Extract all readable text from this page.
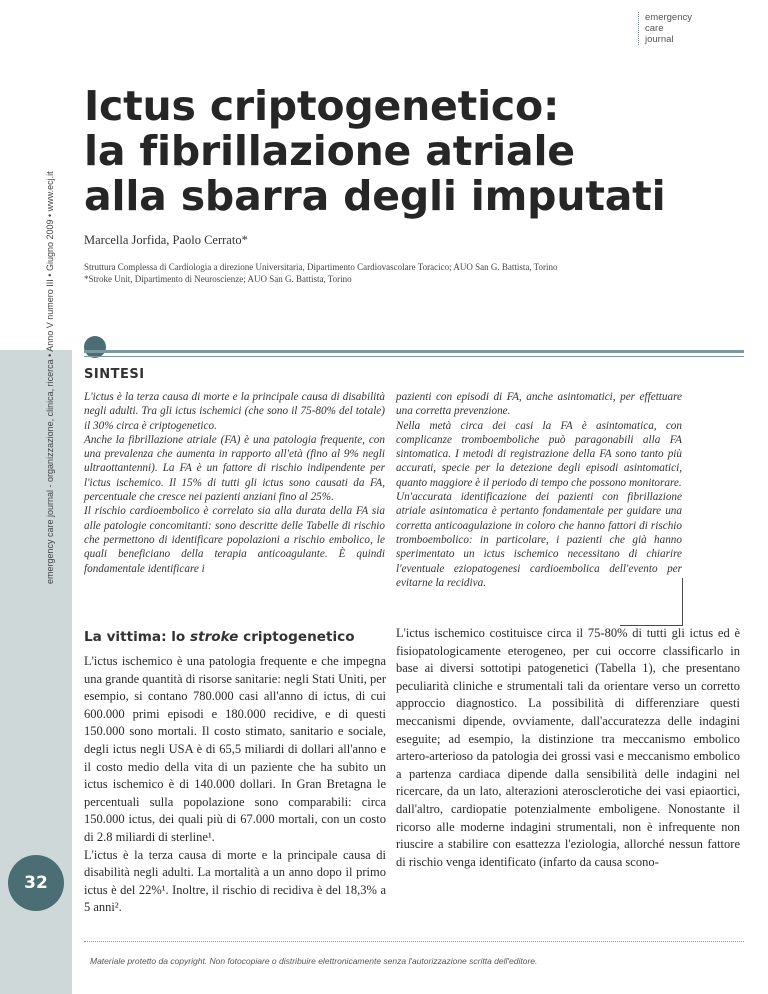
emergency
care
journal
Ictus criptogenetico:
la fibrillazione atriale
alla sbarra degli imputati
Marcella Jorfida, Paolo Cerrato*
Struttura Complessa di Cardiologia a direzione Universitaria, Dipartimento Cardiovascolare Toracico; AUO San G. Battista, Torino
*Stroke Unit, Dipartimento di Neuroscienze; AUO San G. Battista, Torino
emergency care journal - organizzazione, clinica, ricerca • Anno V numero III • Giugno 2009 • www.ecj.it
32
SINTESI

L'ictus è la terza causa di morte e la principale causa di disabilità negli adulti. Tra gli ictus ischemici (che sono il 75-80% del totale) il 30% circa è criptogenetico.

Anche la fibrillazione atriale (FA) è una patologia frequente, con una prevalenza che aumenta in rapporto all'età (fino al 9% negli ultraottantenni). La FA è un fattore di rischio indipendente per l'ictus ischemico. Il 15% di tutti gli ictus sono causati da FA, percentuale che cresce nei pazienti anziani fino al 25%.

Il rischio cardioembolico è correlato sia alla durata della FA sia alle patologie concomitanti: sono descritte delle Tabelle di rischio che permettono di identificare popolazioni a rischio embolico, le quali beneficiano della terapia anticoagulante. È quindi fondamentale identificare i

pazienti con episodi di FA, anche asintomatici, per effettuare una corretta prevenzione.

Nella metà circa dei casi la FA è asintomatica, con complicanze tromboemboliche può paragonabili alla FA sintomatica. I metodi di registrazione della FA sono tanto più accurati, specie per la detezione degli episodi asintomatici, quanto maggiore è il periodo di tempo che possono monitorare.

Un'accurata identificazione dei pazienti con fibrillazione atriale asintomatica è pertanto fondamentale per guidare una corretta anticoagulazione in coloro che hanno fattori di rischio tromboembolico: in particolare, i pazienti che già hanno sperimentato un ictus ischemico necessitano di chiarire l'eventuale eziopatogenesi cardioembolica dell'evento per evitarne la recidiva.

La vittima: lo stroke criptogenetico

L'ictus ischemico è una patologia frequente e che impegna una grande quantità di risorse sanitarie: negli Stati Uniti, per esempio, si contano 780.000 casi all'anno di ictus, di cui 600.000 primi episodi e 180.000 recidive, e di questi 150.000 sono mortali. Il costo stimato, sanitario e sociale, degli ictus negli USA è di 65,5 miliardi di dollari all'anno e il costo medio della vita di un paziente che ha subito un ictus ischemico è di 140.000 dollari. In Gran Bretagna le percentuali sulla popolazione sono comparabili: circa 150.000 ictus, dei quali più di 67.000 mortali, con un costo di 2.8 miliardi di sterline¹.

L'ictus è la terza causa di morte e la principale causa di disabilità negli adulti. La mortalità a un anno dopo il primo ictus è del 22%¹. Inoltre, il rischio di recidiva è del 18,3% a 5 anni².

L'ictus ischemico costituisce circa il 75-80% di tutti gli ictus ed è fisiopatologicamente eterogeneo, per cui occorre classificarlo in base ai diversi sottotipi patogenetici (Tabella 1), che presentano peculiarità cliniche e strumentali tali da orientare verso un corretto approccio diagnostico. La possibilità di differenziare questi meccanismi dipende, ovviamente, dall'accuratezza delle indagini eseguite; ad esempio, la distinzione tra meccanismo embolico artero-arterioso da patologia dei grossi vasi e meccanismo embolico a partenza cardiaca dipende dalla sensibilità delle indagini nel ricercare, da un lato, alterazioni aterosclerotiche dei vasi epiaortici, dall'altro, cardiopatie potenzialmente emboligene. Nonostante il ricorso alle moderne indagini strumentali, non è infrequente non riuscire a stabilire con esattezza l'eziologia, allorché nessun fattore di rischio venga identificato (infarto da causa scono-

Materiale protetto da copyright. Non fotocopiare o distribuire elettronicamente senza l'autorizzazione scritta dell'editore.
